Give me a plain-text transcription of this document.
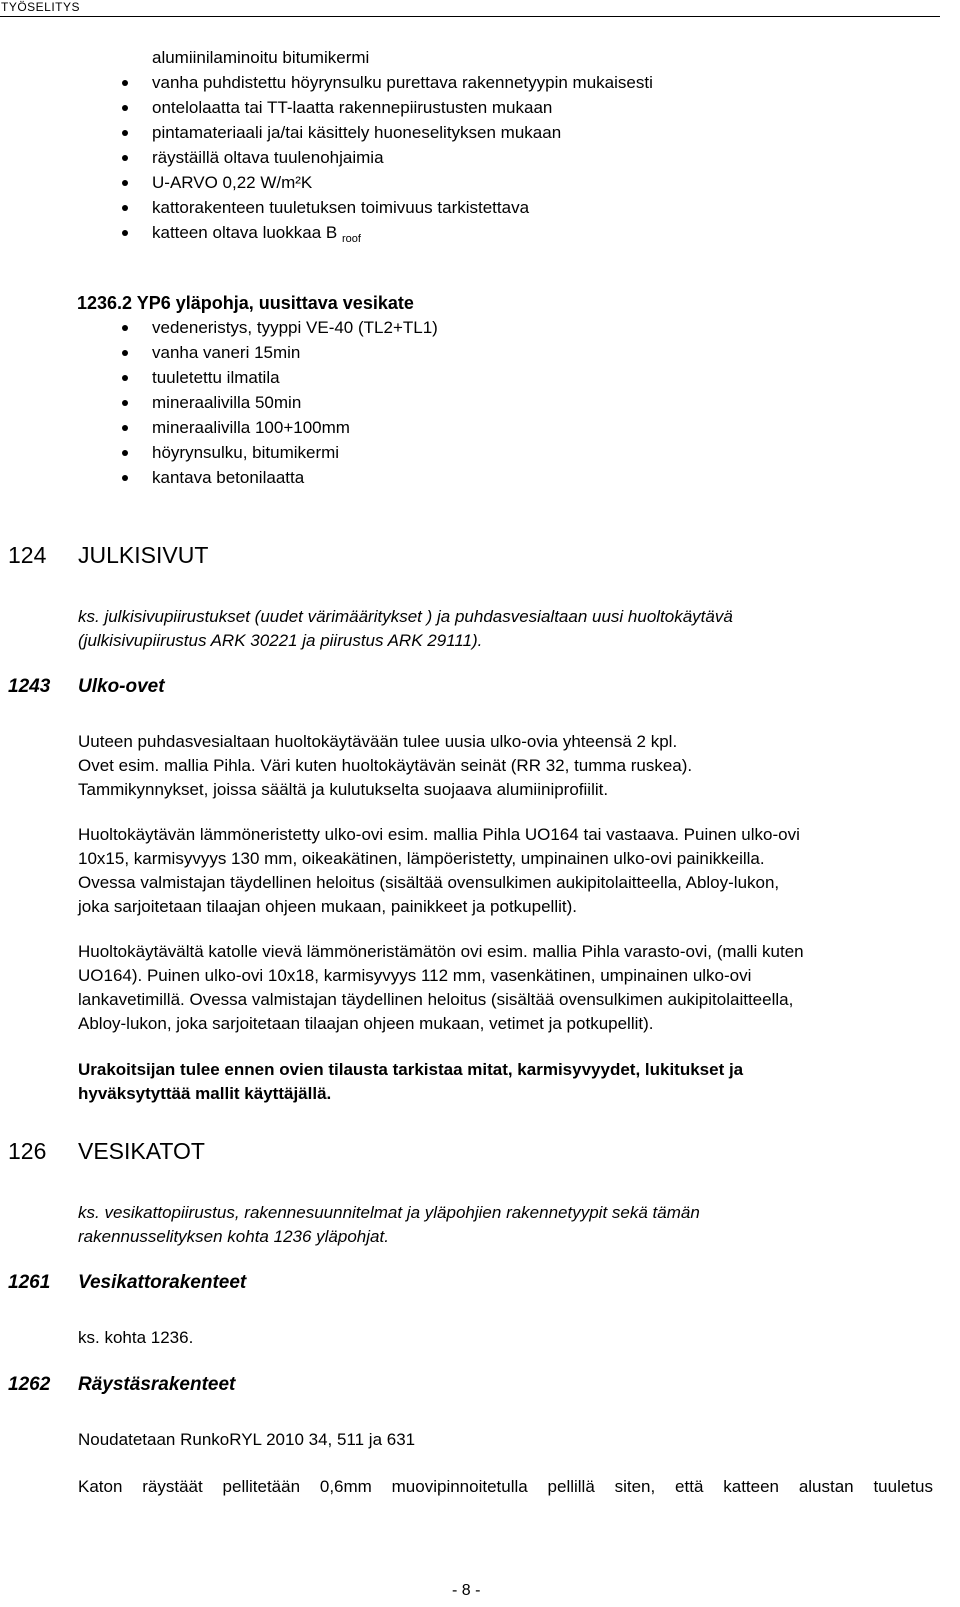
TYÖSELITYS
alumiinilaminoitu bitumikermi
vanha puhdistettu höyrynsulku purettava rakennetyypin mukaisesti
ontelolaatta tai TT-laatta rakennepiirustusten mukaan
pintamateriaali ja/tai käsittely huoneselityksen mukaan
räystäillä oltava tuulenohjaimia
U-ARVO 0,22 W/m²K
kattorakenteen tuuletuksen toimivuus tarkistettava
katteen oltava luokkaa B $_{roof}$
1236.2 YP6 yläpohja, uusittava vesikate
vedeneristys, tyyppi VE-40 (TL2+TL1)
vanha vaneri 15min
tuuletettu ilmatila
mineraalivilla 50min
mineraalivilla 100+100mm
höyrynsulku, bitumikermi
kantava betonilaatta
124 JULKISIVUT
ks. julkisivupiirustukset (uudet värimääritykset ) ja puhdasvesialtaan uusi huoltokäytävä
(julkisivupiirustus ARK 30221 ja piirustus ARK 29111).
1243 Ulko-ovet
Uuteen puhdasvesialtaan huoltokäytävään tulee uusia ulko-ovia yhteensä 2 kpl.
Ovet esim. mallia Pihla. Väri kuten huoltokäytävän seinät (RR 32, tumma ruskea).
Tammikynnykset, joissa säältä ja kulutukselta suojaava alumiiniprofiilit.
Huoltokäytävän lämmöneristetty ulko-ovi esim. mallia Pihla UO164 tai vastaava. Puinen ulko-ovi
10x15, karmisyvyys 130 mm, oikeakätinen, lämpöeristetty, umpinainen ulko-ovi painikkeilla.
Ovessa valmistajan täydellinen heloitus (sisältää ovensulkimen aukipitolaitteella, Abloy-lukon,
joka sarjoitetaan tilaajan ohjeen mukaan, painikkeet ja potkupellit).
Huoltokäytävältä katolle vievä lämmöneristämätön ovi esim. mallia Pihla varasto-ovi, (malli kuten
UO164). Puinen ulko-ovi 10x18, karmisyvyys 112 mm, vasenkätinen, umpinainen ulko-ovi
lankavetimillä. Ovessa valmistajan täydellinen heloitus (sisältää ovensulkimen aukipitolaitteella,
Abloy-lukon, joka sarjoitetaan tilaajan ohjeen mukaan, vetimet ja potkupellit).
Urakoitsijan tulee ennen ovien tilausta tarkistaa mitat, karmisyvyydet, lukitukset ja
hyväksytyttää mallit käyttäjällä.
126 VESIKATOT
ks. vesikattopiirustus, rakennesuunnitelmat ja yläpohjien rakennetyypit sekä tämän
rakennusselityksen kohta 1236 yläpohjat.
1261 Vesikattorakenteet
ks. kohta 1236.
1262 Räystäsrakenteet
Noudatetaan RunkoRYL 2010 34, 511 ja 631
Katon räystäät pellitetään 0,6mm muovipinnoitetulla pellillä siten, että katteen alustan tuuletus
- 8 -
